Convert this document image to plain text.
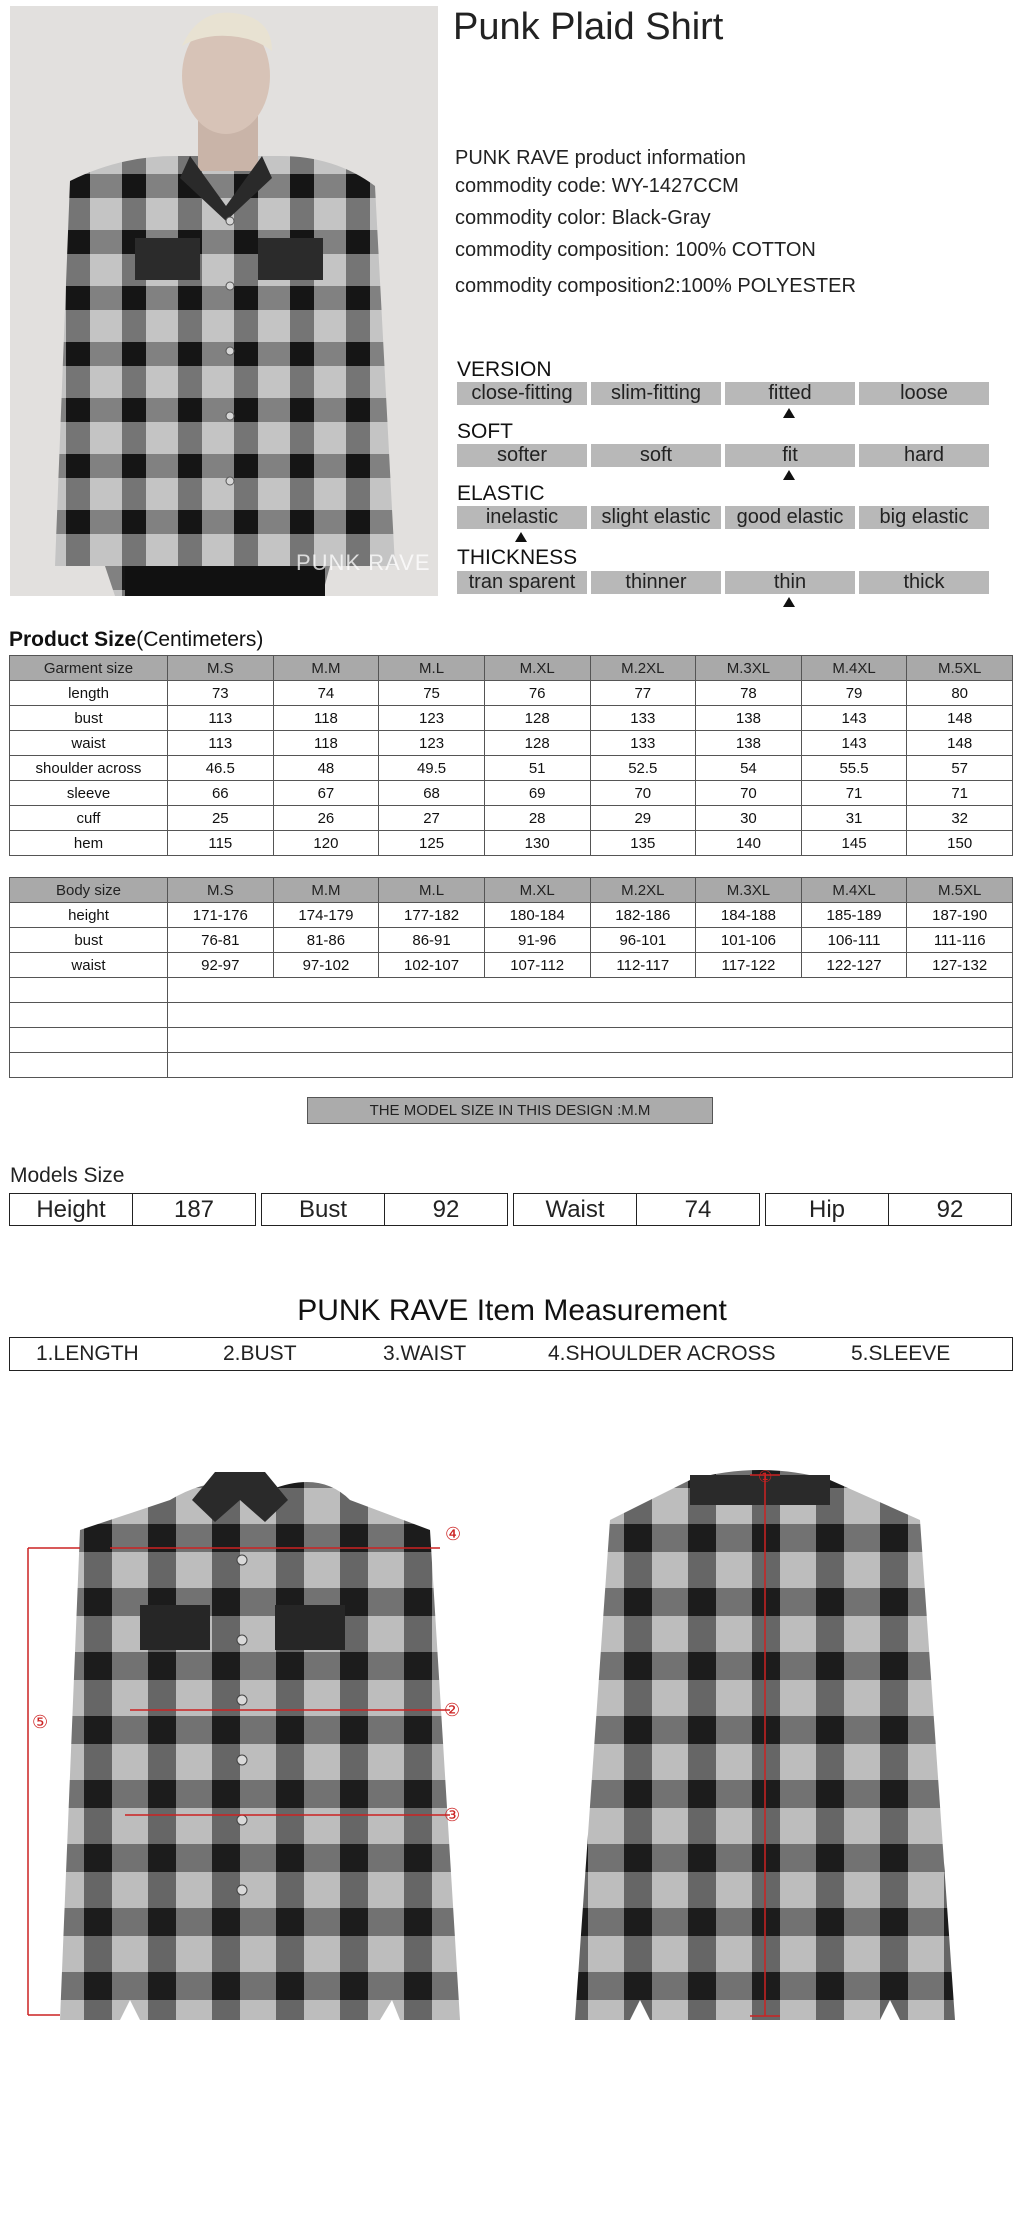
PUNK RAVE
Punk Plaid Shirt
PUNK RAVE product information
commodity code: WY-1427CCM
commodity color: Black-Gray
commodity composition: 100% COTTON
commodity composition2:100% POLYESTER
VERSION
close-fitting	slim-fitting	fitted	loose
SOFT
softer	soft	fit	hard
ELASTIC
inelastic	slight elastic	good elastic	big elastic
THICKNESS
tran sparent	thinner	thin	thick
Product Size(Centimeters)
Garment size	M.S	M.M	M.L	M.XL	M.2XL	M.3XL	M.4XL	M.5XL
length	73	74	75	76	77	78	79	80
bust	113	118	123	128	133	138	143	148
waist	113	118	123	128	133	138	143	148
shoulder across	46.5	48	49.5	51	52.5	54	55.5	57
sleeve	66	67	68	69	70	70	71	71
cuff	25	26	27	28	29	30	31	32
hem	115	120	125	130	135	140	145	150
Body size	M.S	M.M	M.L	M.XL	M.2XL	M.3XL	M.4XL	M.5XL
height	171-176	174-179	177-182	180-184	182-186	184-188	185-189	187-190
bust	76-81	81-86	86-91	91-96	96-101	101-106	106-111	111-116
waist	92-97	97-102	102-107	107-112	112-117	117-122	122-127	127-132

THE MODEL SIZE IN THIS DESIGN :M.M
Models Size
Height	187	Bust	92	Waist	74	Hip	92
PUNK RAVE Item Measurement
1.LENGTH	2.BUST	3.WAIST	4.SHOULDER ACROSS	5.SLEEVE
④
②
③
⑤
①
